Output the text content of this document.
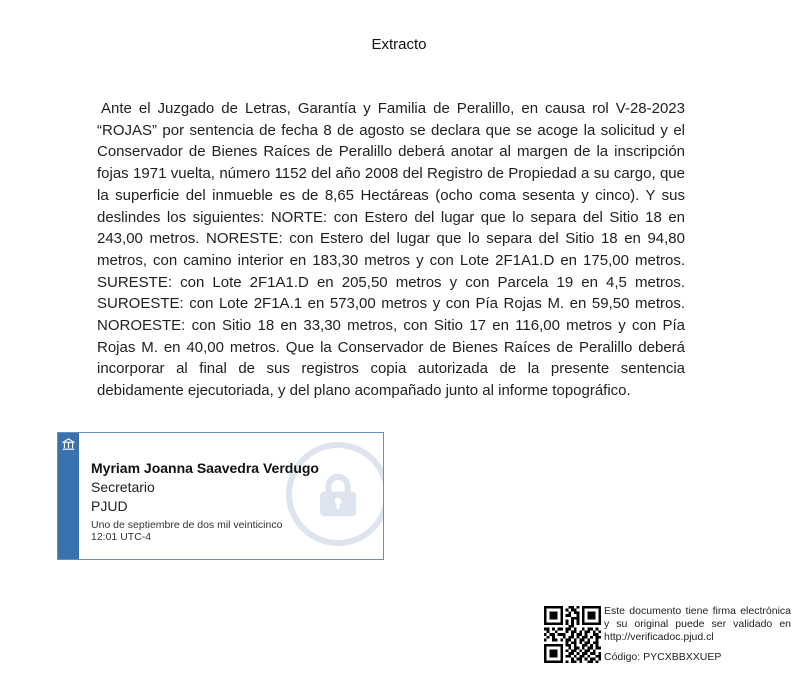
Extracto

Ante el Juzgado de Letras, Garantía y Familia de Peralillo, en causa rol V-28-2023 “ROJAS” por sentencia de fecha 8 de agosto se declara que se acoge la solicitud y el Conservador de Bienes Raíces de Peralillo deberá anotar al margen de la inscripción fojas 1971 vuelta, número 1152 del año 2008 del Registro de Propiedad a su cargo, que la superficie del inmueble es de 8,65 Hectáreas (ocho coma sesenta y cinco). Y sus deslindes los siguientes: NORTE: con Estero del lugar que lo separa del Sitio 18 en 243,00 metros. NORESTE: con Estero del lugar que lo separa del Sitio 18 en 94,80 metros, con camino interior en 183,30 metros y con Lote 2F1A1.D en 175,00 metros. SURESTE: con Lote 2F1A1.D en 205,50 metros y con Parcela 19 en 4,5 metros. SUROESTE: con Lote 2F1A.1 en 573,00 metros y con Pía Rojas M. en 59,50 metros. NOROESTE: con Sitio 18 en 33,30 metros, con Sitio 17 en 116,00 metros y con Pía Rojas M. en 40,00 metros. Que la Conservador de Bienes Raíces de Peralillo deberá incorporar al final de sus registros copia autorizada de la presente sentencia debidamente ejecutoriada, y del plano acompañado junto al informe topográfico.

Myriam Joanna Saavedra Verdugo
Secretario
PJUD
Uno de septiembre de dos mil veinticinco
12:01 UTC-4

Este documento tiene firma electrónica y su original puede ser validado en http://verificadoc.pjud.cl

Código: PYCXBBXXUEP
